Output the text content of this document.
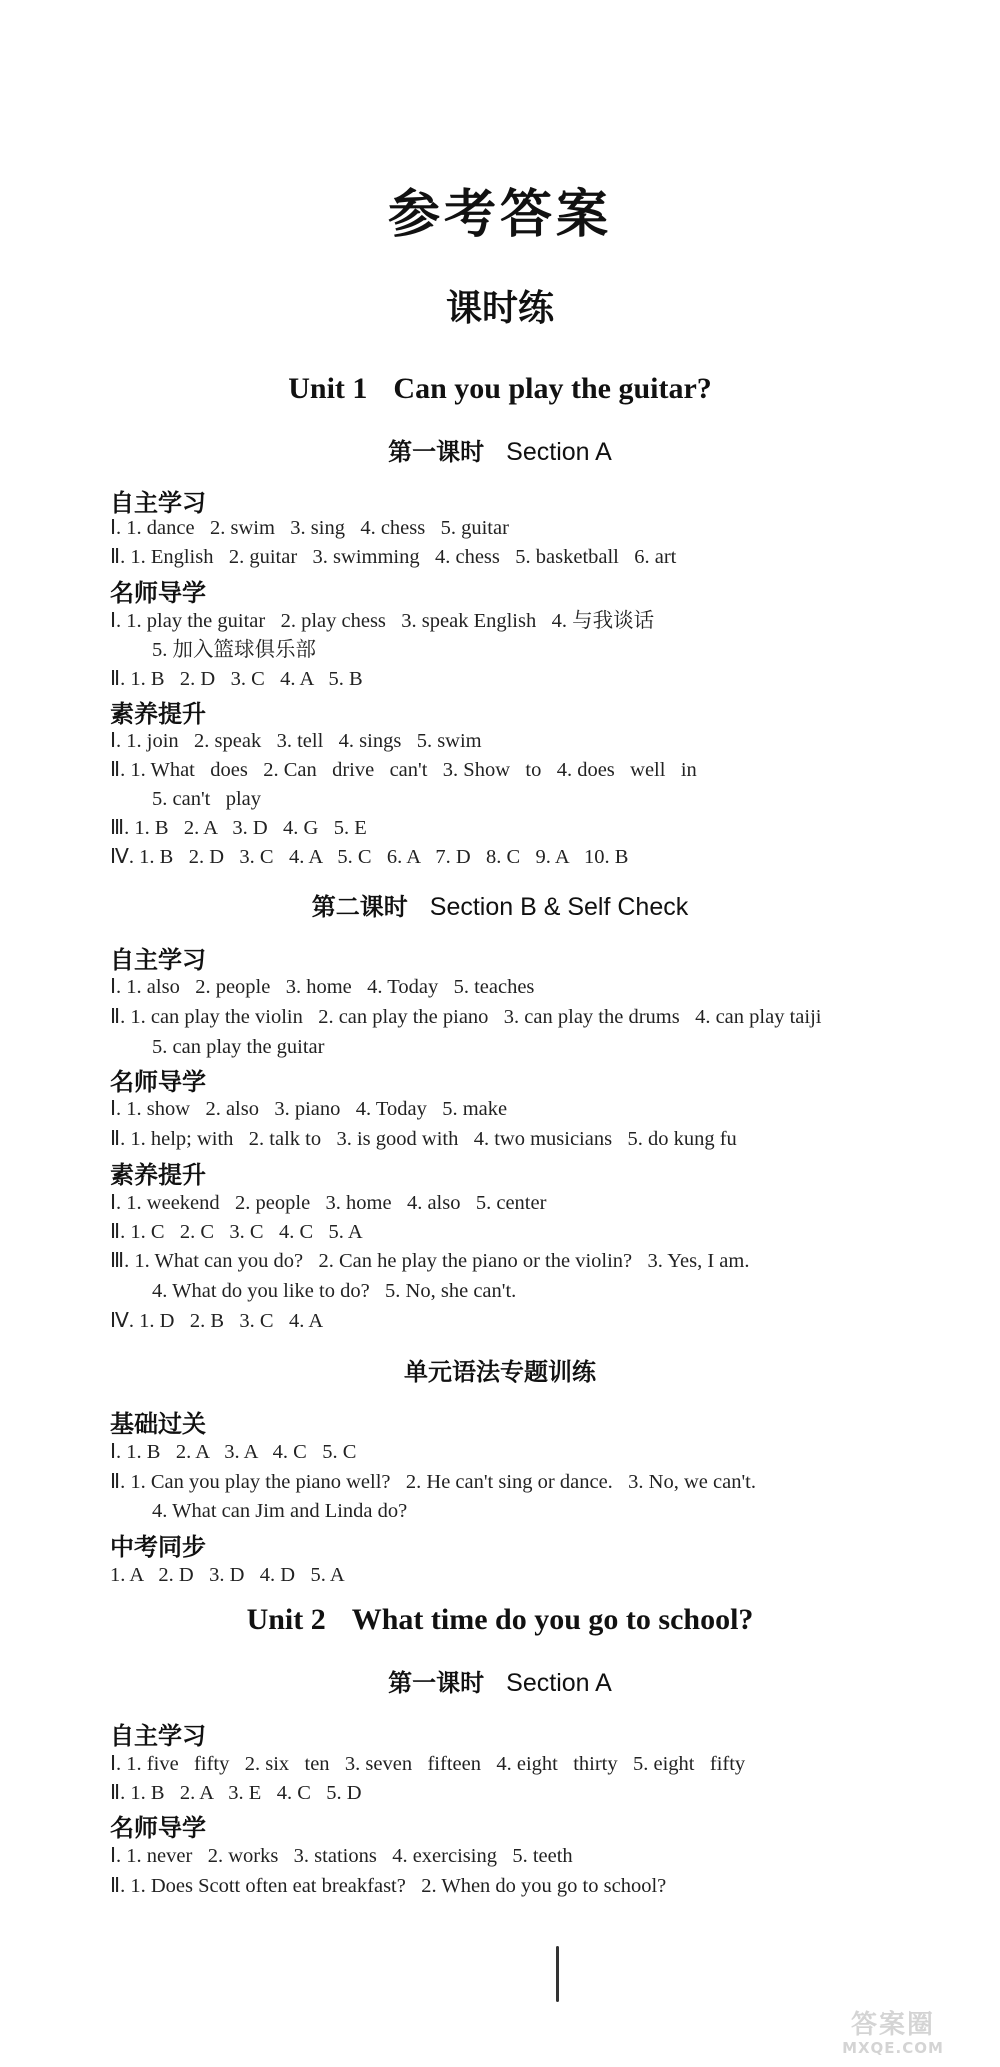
参考答案
课时练
Unit 1 Can you play the guitar?
第一课时 Section A
自主学习
Ⅰ. 1. dance   2. swim   3. sing   4. chess   5. guitar
Ⅱ. 1. English   2. guitar   3. swimming   4. chess   5. basketball   6. art
名师导学
Ⅰ. 1. play the guitar   2. play chess   3. speak English   4. 与我谈话
5. 加入篮球俱乐部
Ⅱ. 1. B   2. D   3. C   4. A   5. B
素养提升
Ⅰ. 1. join   2. speak   3. tell   4. sings   5. swim
Ⅱ. 1. What   does   2. Can   drive   can't   3. Show   to   4. does   well   in
5. can't   play
Ⅲ. 1. B   2. A   3. D   4. G   5. E
Ⅳ. 1. B   2. D   3. C   4. A   5. C   6. A   7. D   8. C   9. A   10. B
第二课时 Section B & Self Check
自主学习
Ⅰ. 1. also   2. people   3. home   4. Today   5. teaches
Ⅱ. 1. can play the violin   2. can play the piano   3. can play the drums   4. can play taiji
5. can play the guitar
名师导学
Ⅰ. 1. show   2. also   3. piano   4. Today   5. make
Ⅱ. 1. help; with   2. talk to   3. is good with   4. two musicians   5. do kung fu
素养提升
Ⅰ. 1. weekend   2. people   3. home   4. also   5. center
Ⅱ. 1. C   2. C   3. C   4. C   5. A
Ⅲ. 1. What can you do?   2. Can he play the piano or the violin?   3. Yes, I am.
4. What do you like to do?   5. No, she can't.
Ⅳ. 1. D   2. B   3. C   4. A
单元语法专题训练
基础过关
Ⅰ. 1. B   2. A   3. A   4. C   5. C
Ⅱ. 1. Can you play the piano well?   2. He can't sing or dance.   3. No, we can't.
4. What can Jim and Linda do?
中考同步
1. A   2. D   3. D   4. D   5. A
Unit 2 What time do you go to school?
第一课时 Section A
自主学习
Ⅰ. 1. five   fifty   2. six   ten   3. seven   fifteen   4. eight   thirty   5. eight   fifty
Ⅱ. 1. B   2. A   3. E   4. C   5. D
名师导学
Ⅰ. 1. never   2. works   3. stations   4. exercising   5. teeth
Ⅱ. 1. Does Scott often eat breakfast?   2. When do you go to school?
答案圈
MXQE.COM
